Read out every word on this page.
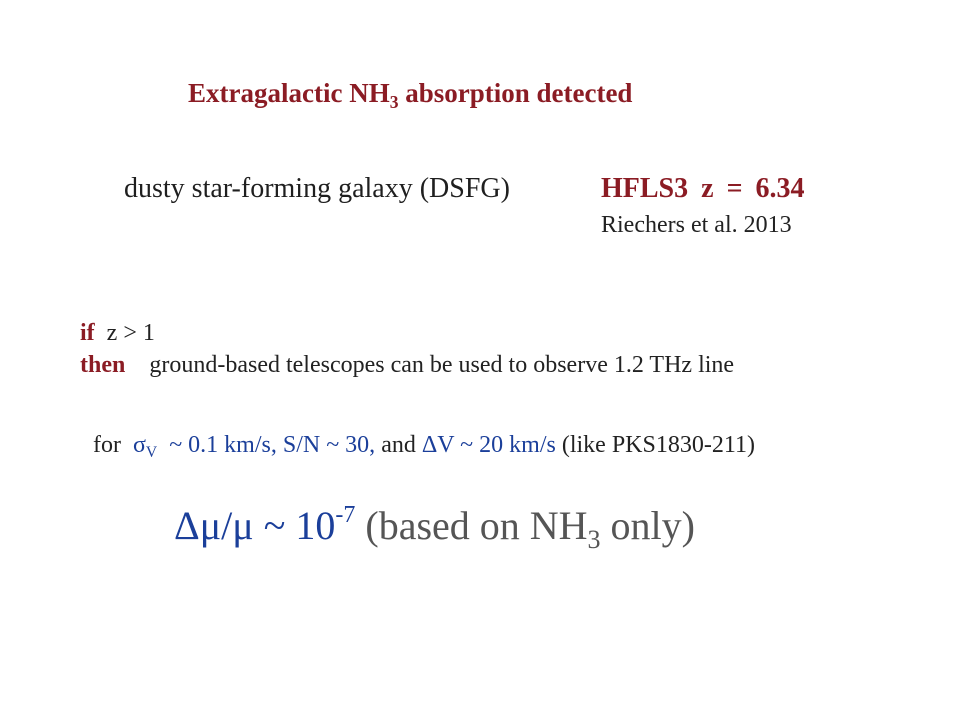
Extragalactic $NH_3$ absorption detected
dusty star-forming galaxy (DSFG)	HFLS3 z = 6.34
Riechers et al. 2013
if z > 1
then ground-based telescopes can be used to observe 1.2 THz line
for $\sigma_V$  ~ 0.1 km/s, S/N ~ 30, and ΔV ~ 20 km/s (like PKS1830-211)
Δμ/μ ~ $10^{-7}$ (based on $NH_3$ only)
